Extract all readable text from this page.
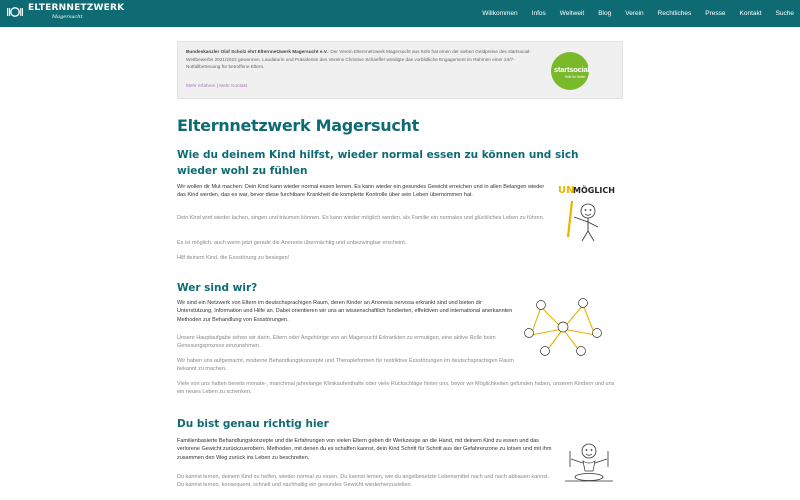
ELTERNNETZWERK
Magersucht	Willkommen Infos Weltweit Blog Verein Rechtliches Presse Kontakt Suche
Bundeskanzler Olaf Scholz ehrt Elternnetzwerk Magersucht e.V.: Der Verein Elternnetzwerk Magersucht aus Köln hat einen der sieben Geldpreise des startsocial-Wettbewerbs 2021/2022 gewonnen. Laudatorin und Präsidentin des Vereins Christine Schaeffer würdigte das vorbildliche Engagement im Rahmen einer 24/7-Notfallbetreuung für betroffene Eltern.
Mehr erfahren | Mehr Kontakt
startsocial
Hilfe für Helfer
Elternnetzwerk Magersucht
Wie du deinem Kind hilfst, wieder normal essen zu können und sich wieder wohl zu fühlen

Wir wollen dir Mut machen: Dein Kind kann wieder normal essen lernen. Es kann wieder ein gesundes Gewicht erreichen und in allen Belangen wieder das Kind werden, das es war, bevor diese furchtbare Krankheit die komplette Kontrolle über sein Leben übernommen hat.

Dein Kind wird wieder lachen, singen und träumen können. Es kann wieder möglich werden, als Familie ein normales und glückliches Leben zu führen.

Es ist möglich, auch wenn jetzt gerade die Anorexie übermächtig und unbezwingbar erscheint.

Hilf deinem Kind, die Essstörung zu besiegen!

UN
MÖGLICH
Wer sind wir?

Wir sind ein Netzwerk von Eltern im deutschsprachigen Raum, deren Kinder an Anorexia nervosa erkrankt sind und bieten dir Unterstützung, Information und Hilfe an. Dabei orientieren wir uns an wissenschaftlich fundierten, effektiven und international anerkannten Methoden zur Behandlung von Essstörungen.

Unsere Hauptaufgabe sehen wir darin, Eltern oder Angehörige von an Magersucht Erkrankten zu ermutigen, eine aktive Rolle beim Genesungsprozess einzunehmen.

Wir haben uns aufgemacht, moderne Behandlungskonzepte und Therapieformen für restriktive Essstörungen im deutschsprachigen Raum bekannt zu machen.

Viele von uns hatten bereits monate-, manchmal jahrelange Klinikaufenthalte oder viele Rückschläge hinter uns, bevor wir Möglichkeiten gefunden haben, unseren Kindern und uns ein neues Leben zu schenken.

Du bist genau richtig hier

Familienbasierte Behandlungskonzepte und die Erfahrungen von vielen Eltern geben dir Werkzeuge an die Hand, mit deinem Kind zu essen und das verlorene Gewicht zurückzuerobern. Methoden, mit denen du es schaffen kannst, dein Kind Schritt für Schritt aus der Gefahrenzone zu lotsen und mit ihm zusammen den Weg zurück ins Leben zu beschreiten.

Du kannst lernen, deinem Kind zu helfen, wieder normal zu essen. Du kannst lernen, wie du angstbesetzte Lebensmittel nach und nach abbauen kannst. Du kannst lernen, konsequent, schnell und nachhaltig ein gesundes Gewicht wiederherzustellen.
